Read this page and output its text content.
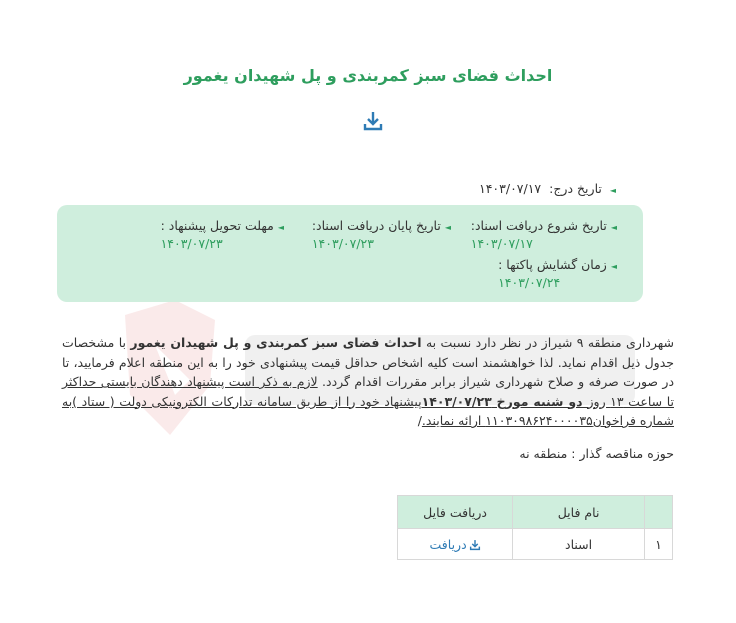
احداث فضای سبز کمربندی و پل شهیدان یغمور
◄ تاریخ درج: ۱۴۰۳/۰۷/۱۷
◄تاریخ شروع دریافت اسناد:
۱۴۰۳/۰۷/۱۷
◄تاریخ پایان دریافت اسناد:
۱۴۰۳/۰۷/۲۳
◄مهلت تحویل پیشنهاد :
۱۴۰۳/۰۷/۲۳
◄زمان گشایش پاکتها :
۱۴۰۳/۰۷/۲۴
شهرداری منطقه ۹ شیراز در نظر دارد نسبت به احداث فضای سبز کمربندی و پل شهیدان یغمور با مشخصات جدول ذیل اقدام نماید. لذا خواهشمند است کلیه اشخاص حداقل قیمت پیشنهادی خود را به این منطقه اعلام فرمایید، تا در صورت صرفه و صلاح شهرداری شیراز برابر مقررات اقدام گردد. لازم به ذکر است پیشنهاد دهندگان بایستی حداکثر تا ساعت ۱۳ روز دو شنبه مورخ ۱۴۰۳/۰۷/۲۳پیشنهاد خود را از طریق سامانه تدارکات الکترونیکی دولت ( ستاد )به شماره فراخوان۱۱۰۳۰۹۸۶۲۴۰۰۰۰۳۵ ارائه نمایند./
حوزه مناقصه گذار : منطقه نه
	نام فایل	دریافت فایل
۱	اسناد	دریافت
